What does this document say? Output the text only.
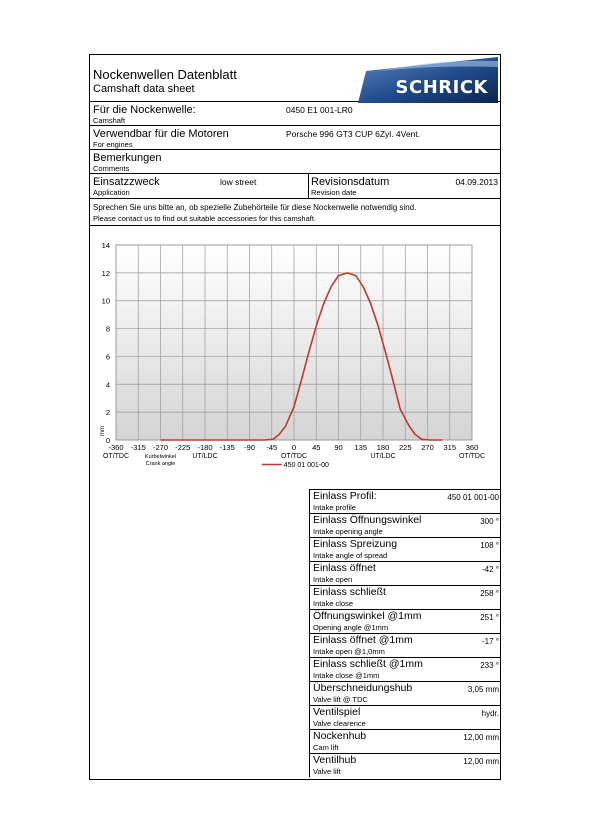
Nockenwellen Datenblatt
Camshaft data sheet	SCHRICK
Für die Nockenwelle:
Camshaft
0450 E1 001-LR0
Verwendbar für die Motoren
For engines
Porsche 996 GT3 CUP 6Zyl. 4Vent.
Bemerkungen
Comments
Einsatzzweck
Application
low street	Revisionsdatum
Revision date
04.09.2013
Sprechen Sie uns bitte an, ob spezielle Zubehörteile für diese Nockenwelle notwendig sind.
Please contact us to find out suitable accessories for this camshaft.
0
2
4
6
8
10
12
14
mm
-360 -315 -270 -225 -180 -135 -90 -45 0 45 90 135 180 225 270 315 360
OT/TDC	UT/LDC	OT/TDC	UT/LDC	OT/TDC
Kurbelwinkel
Crank angle	450 01 001-00
Einlass Profil:
Intake profile
450 01 001-00
Einlass Öffnungswinkel
Intake opening angle
300 °
Einlass Spreizung
Intake angle of spread
108 °
Einlass öffnet
Intake open
-42 °
Einlass schließt
Intake close
258 °
Öffnungswinkel @1mm
Opening angle @1mm
251 °
Einlass öffnet @1mm
Intake open @1,0mm
-17 °
Einlass schließt @1mm
Intake close @1mm
233 °
Überschneidungshub
Valve lift @ TDC
3,05 mm
Ventilspiel
Valve clearence
hydr.
Nockenhub
Cam lift
12,00 mm
Ventilhub
Valve lift
12,00 mm
